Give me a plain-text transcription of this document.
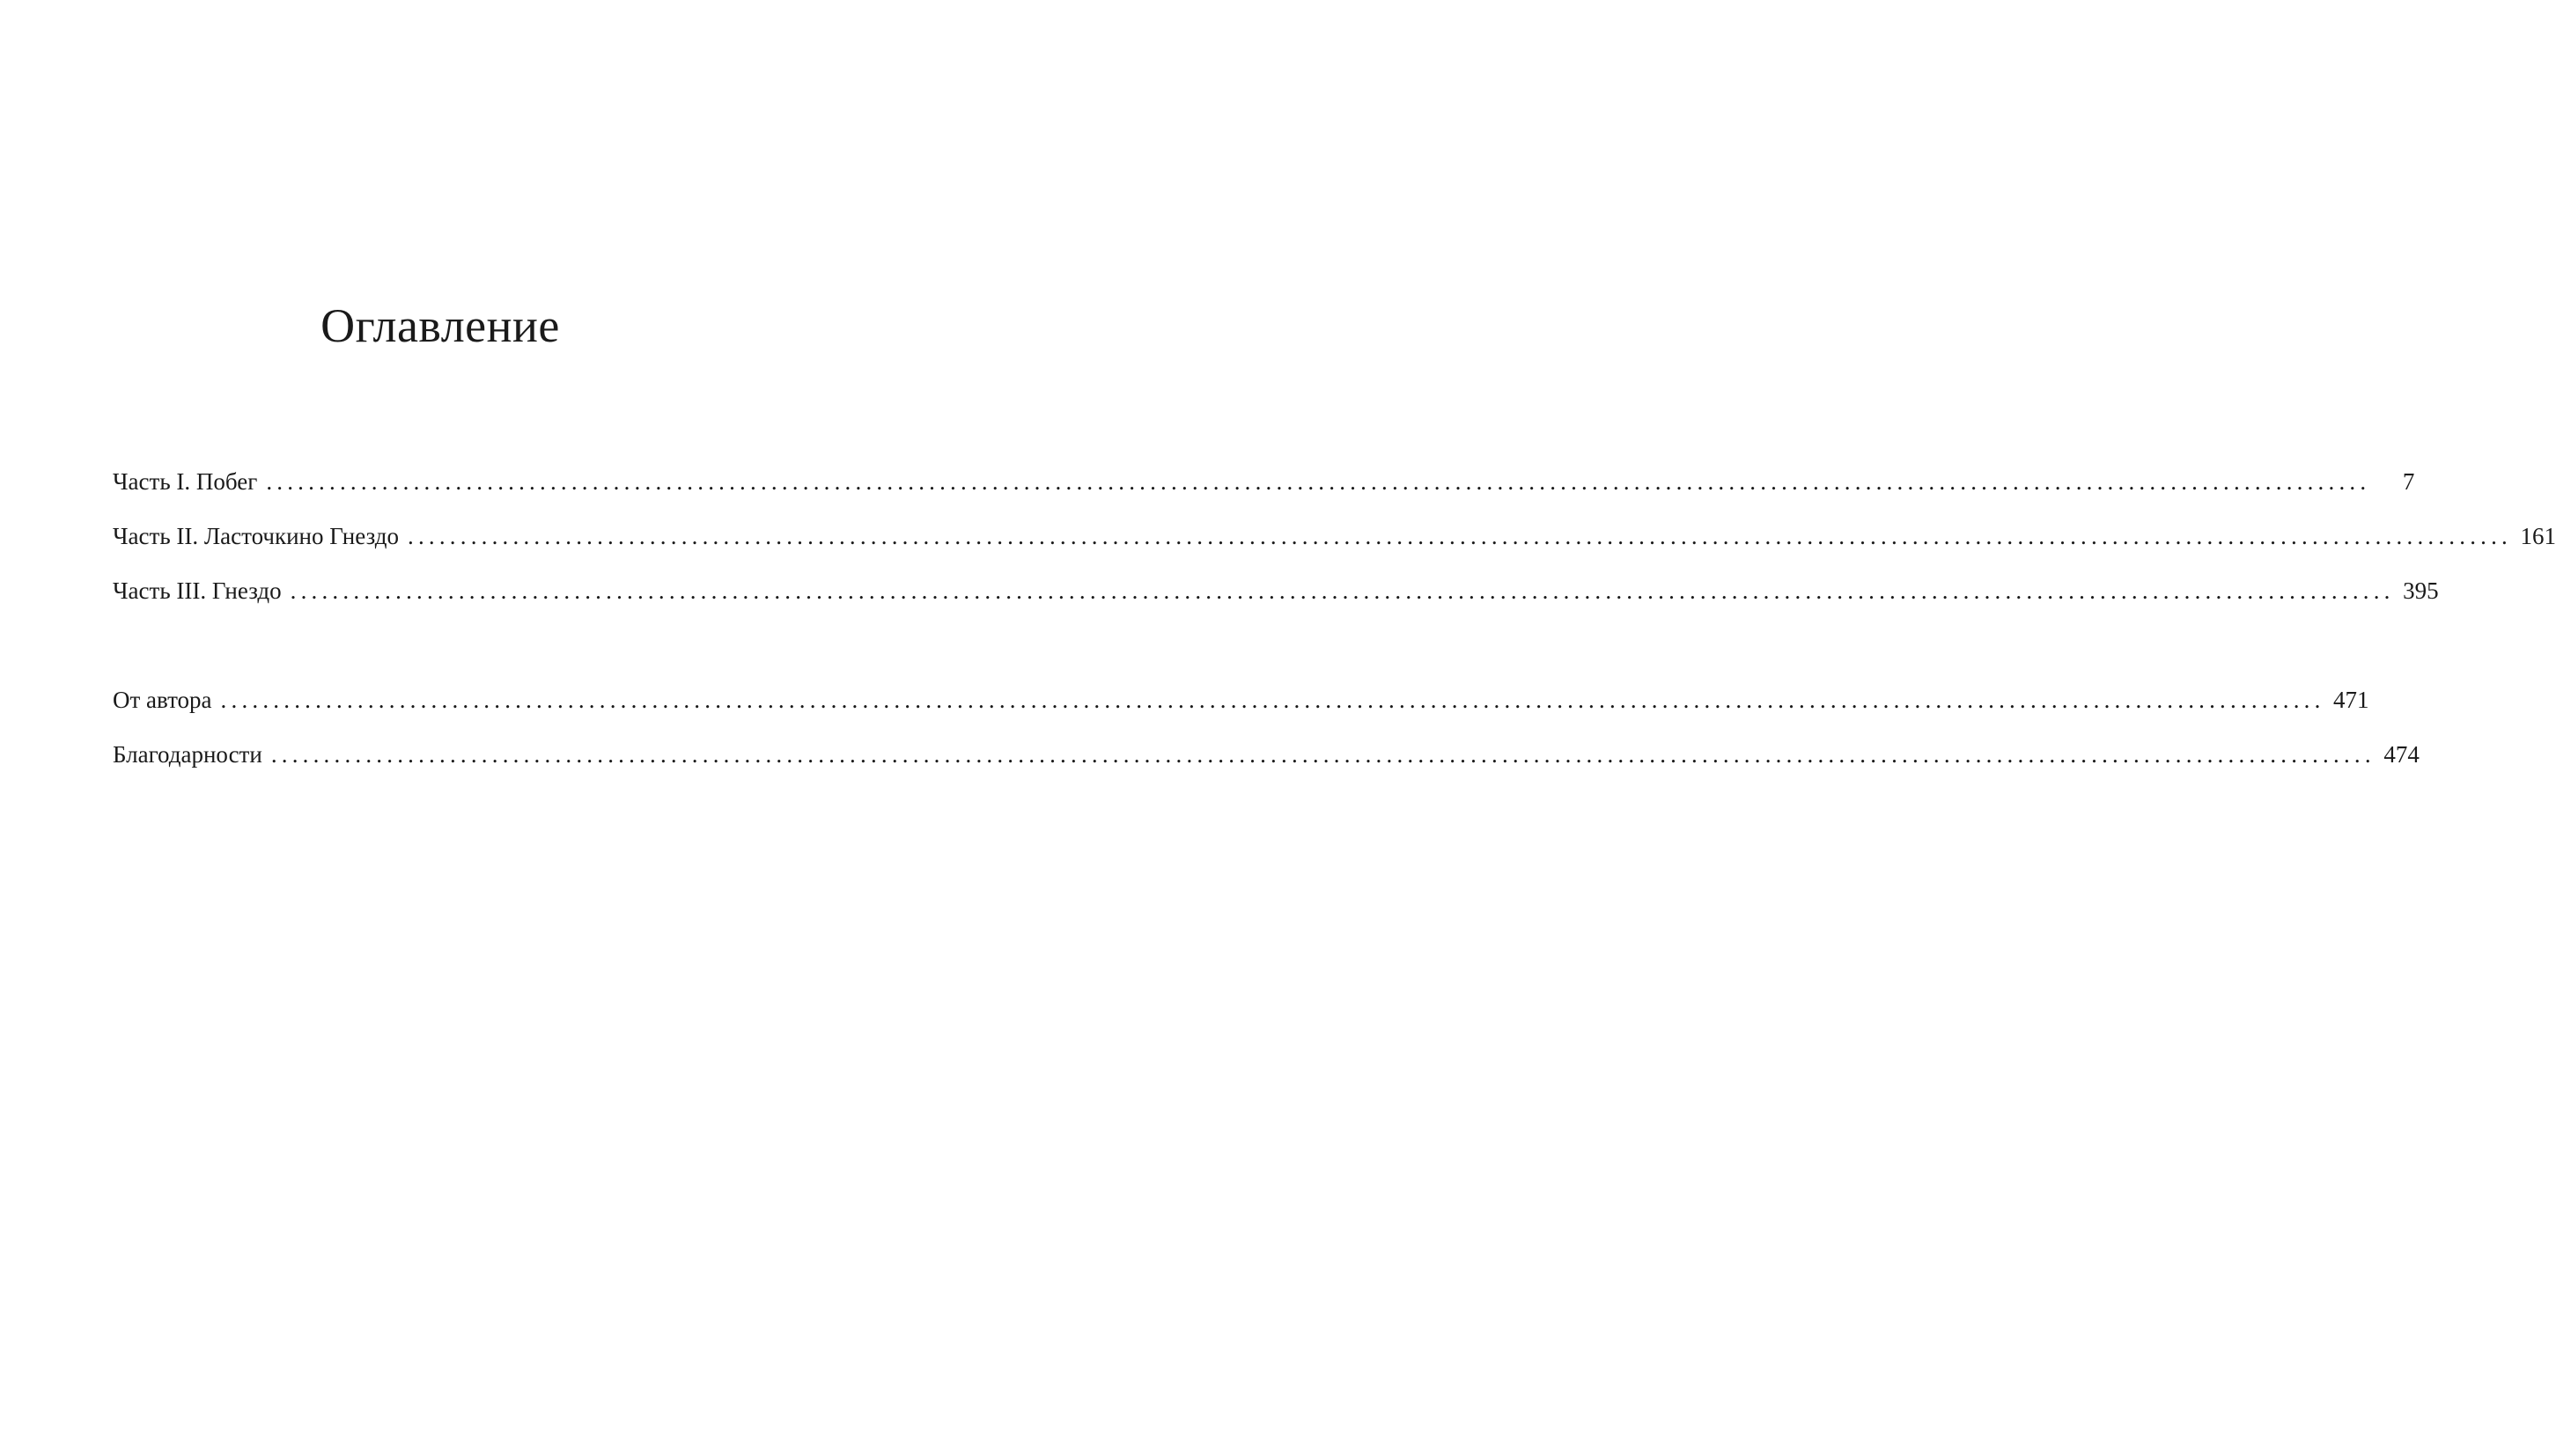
Оглавление
Часть I. Побег ........................................................................................................................................................................................................	7
Часть II. Ласточкино Гнездо ........................................................................................................................................................................................................ 161
Часть III. Гнездо ........................................................................................................................................................................................................ 395
От автора ........................................................................................................................................................................................................ 471
Благодарности ........................................................................................................................................................................................................ 474
